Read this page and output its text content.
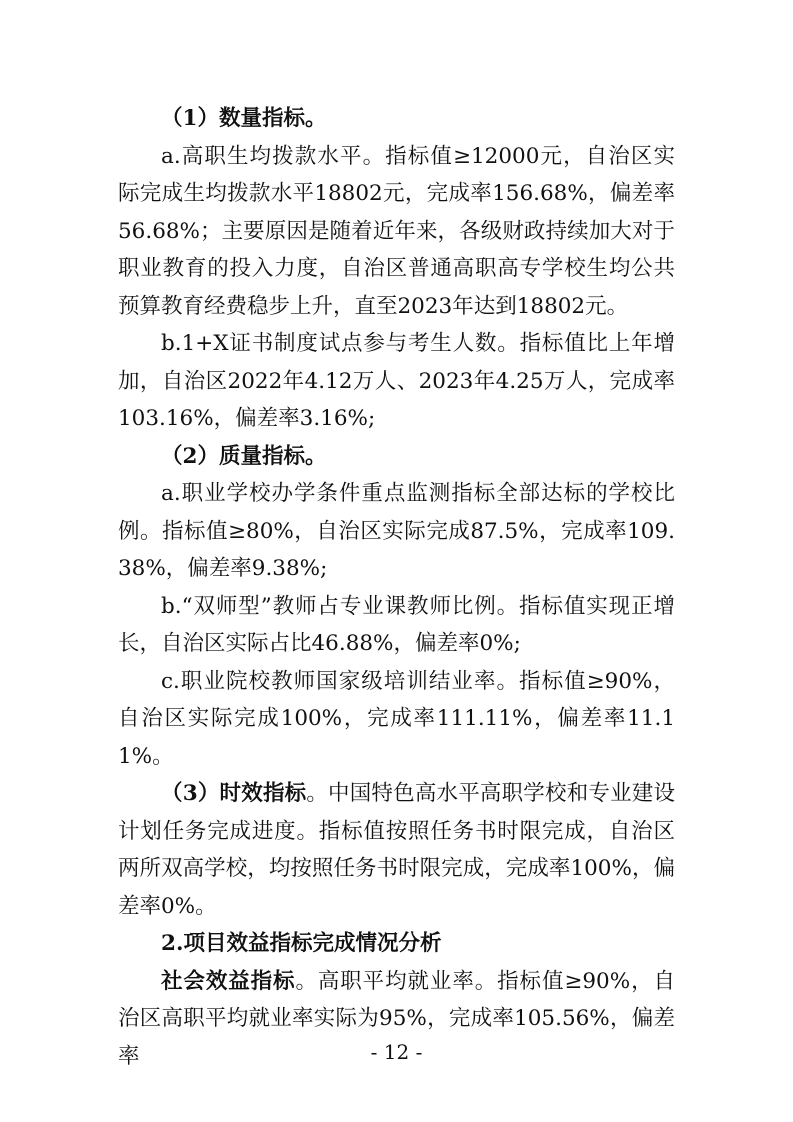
（1）数量指标。

a.高职生均拨款水平。指标值≥12000元，自治区实际完成生均拨款水平18802元，完成率156.68%，偏差率56.68%；主要原因是随着近年来，各级财政持续加大对于职业教育的投入力度，自治区普通高职高专学校生均公共预算教育经费稳步上升，直至2023年达到18802元。

b.1+X证书制度试点参与考生人数。指标值比上年增加，自治区2022年4.12万人、2023年4.25万人，完成率103.16%，偏差率3.16%;

（2）质量指标。

a.职业学校办学条件重点监测指标全部达标的学校比例。指标值≥80%，自治区实际完成87.5%，完成率109.38%，偏差率9.38%;

b.“双师型”教师占专业课教师比例。指标值实现正增长，自治区实际占比46.88%，偏差率0%;

c.职业院校教师国家级培训结业率。指标值≥90%，自治区实际完成100%，完成率111.11%，偏差率11.11%。

（3）时效指标。中国特色高水平高职学校和专业建设计划任务完成进度。指标值按照任务书时限完成，自治区两所双高学校，均按照任务书时限完成，完成率100%，偏差率0%。

2.项目效益指标完成情况分析

社会效益指标。高职平均就业率。指标值≥90%，自治区高职平均就业率实际为95%，完成率105.56%，偏差率	- 12 -
